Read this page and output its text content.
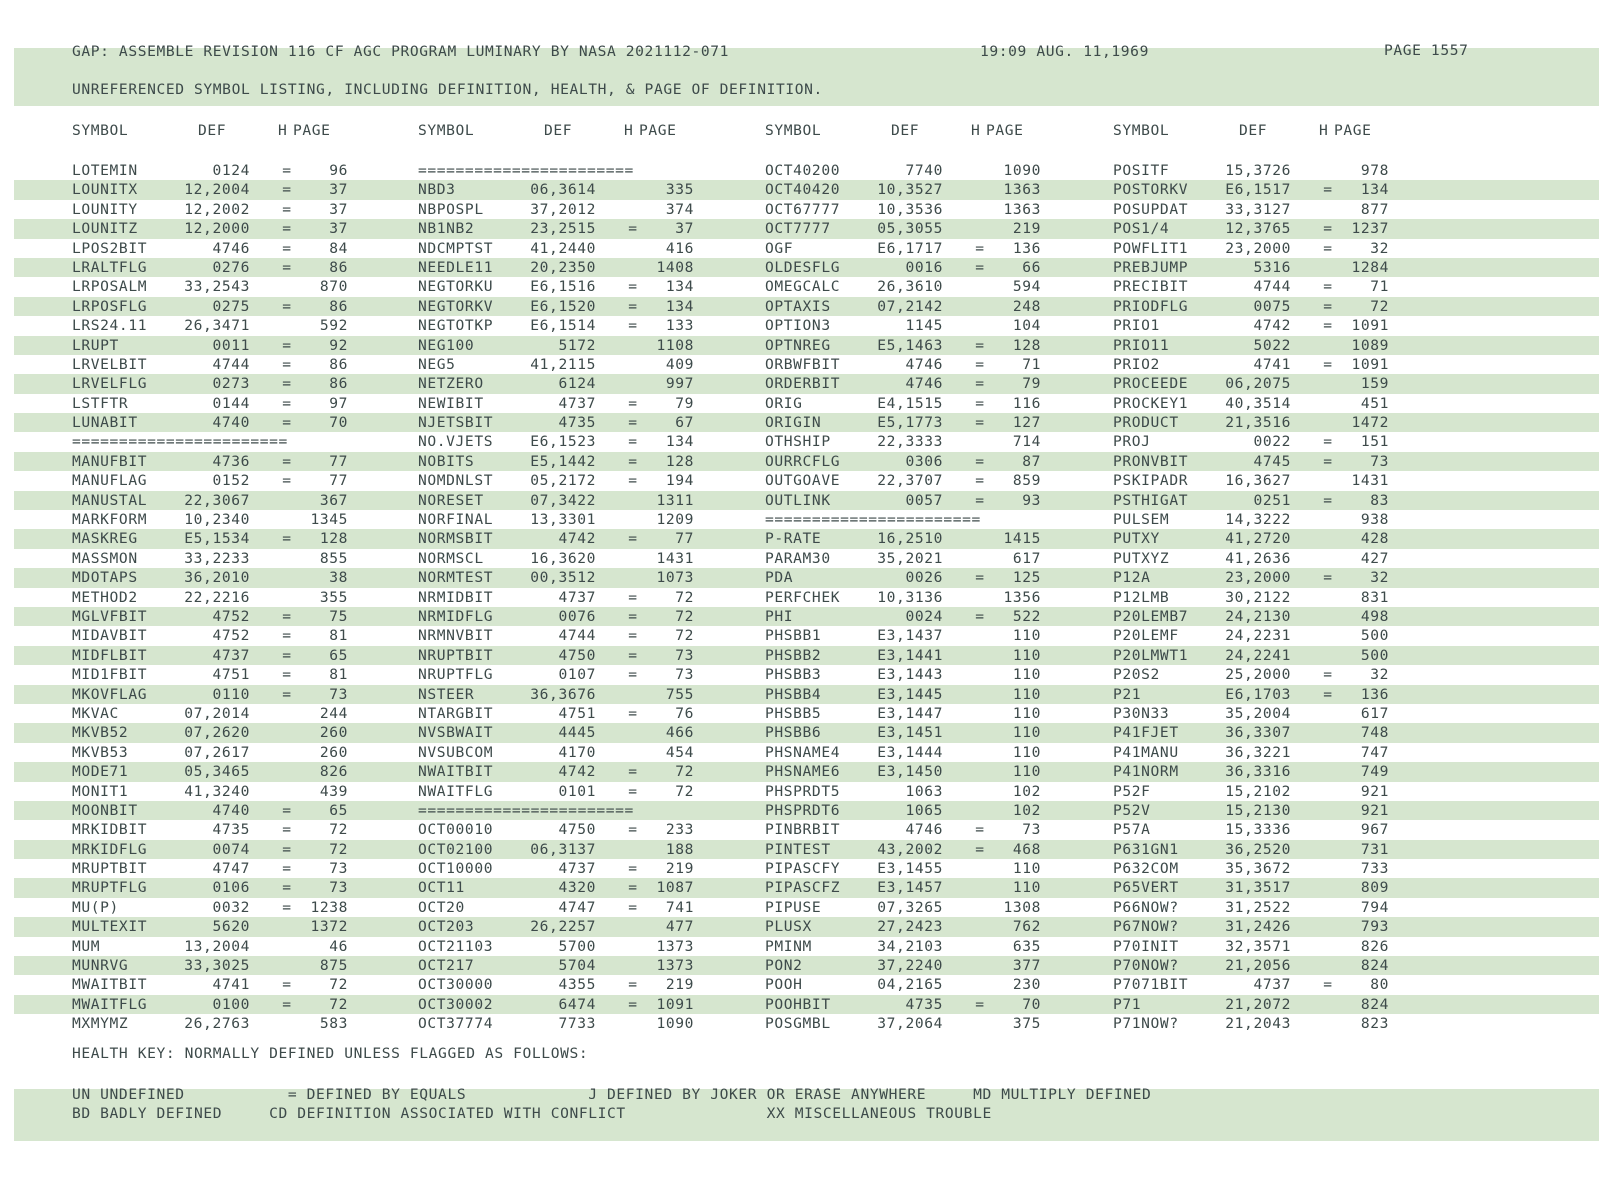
GAP: ASSEMBLE REVISION 116 CF AGC PROGRAM LUMINARY BY NASA 2021112-071	19:09 AUG. 11,1969	PAGE 1557
UNREFERENCED SYMBOL LISTING, INCLUDING DEFINITION, HEALTH, & PAGE OF DEFINITION.
SYMBOL	DEF	H PAGE	SYMBOL	DEF	H PAGE	SYMBOL	DEF	H PAGE	SYMBOL	DEF	H PAGE
LOTEMIN	0124 =	96	=======================	OCT40200	7740	1090	POSITF	15,3726	978
LOUNITX	12,2004 =	37	NBD3	06,3614	335	OCT40420	10,3527	1363	POSTORKV	E6,1517 =	134
LOUNITY	12,2002 =	37	NBPOSPL	37,2012	374	OCT67777	10,3536	1363	POSUPDAT	33,3127	877
LOUNITZ	12,2000 =	37	NB1NB2	23,2515 =	37	OCT7777	05,3055	219	POS1/4	12,3765 =	1237
LPOS2BIT	4746 =	84	NDCMPTST	41,2440	416	OGF	E6,1717 =	136	POWFLIT1	23,2000 =	32
LRALTFLG	0276 =	86	NEEDLE11	20,2350	1408	OLDESFLG	0016 =	66	PREBJUMP	5316	1284
LRPOSALM	33,2543	870	NEGTORKU	E6,1516 =	134	OMEGCALC	26,3610	594	PRECIBIT	4744 =	71
LRPOSFLG	0275 =	86	NEGTORKV	E6,1520 =	134	OPTAXIS	07,2142	248	PRIODFLG	0075 =	72
LRS24.11	26,3471	592	NEGTOTKP	E6,1514 =	133	OPTION3	1145	104	PRIO1	4742 =	1091
LRUPT	0011 =	92	NEG100	5172	1108	OPTNREG	E5,1463 =	128	PRIO11	5022	1089
LRVELBIT	4744 =	86	NEG5	41,2115	409	ORBWFBIT	4746 =	71	PRIO2	4741 =	1091
LRVELFLG	0273 =	86	NETZERO	6124	997	ORDERBIT	4746 =	79	PROCEEDE	06,2075	159
LSTFTR	0144 =	97	NEWIBIT	4737 =	79	ORIG	E4,1515 =	116	PROCKEY1	40,3514	451
LUNABIT	4740 =	70	NJETSBIT	4735 =	67	ORIGIN	E5,1773 =	127	PRODUCT	21,3516	1472
=======================	NO.VJETS	E6,1523 =	134	OTHSHIP	22,3333	714	PROJ	0022 =	151
MANUFBIT	4736 =	77	NOBITS	E5,1442 =	128	OURRCFLG	0306 =	87	PRONVBIT	4745 =	73
MANUFLAG	0152 =	77	NOMDNLST	05,2172 =	194	OUTGOAVE	22,3707 =	859	PSKIPADR	16,3627	1431
MANUSTAL	22,3067	367	NORESET	07,3422	1311	OUTLINK	0057 =	93	PSTHIGAT	0251 =	83
MARKFORM	10,2340	1345	NORFINAL	13,3301	1209	=======================	PULSEM	14,3222	938
MASKREG	E5,1534 =	128	NORMSBIT	4742 =	77	P-RATE	16,2510	1415	PUTXY	41,2720	428
MASSMON	33,2233	855	NORMSCL	16,3620	1431	PARAM30	35,2021	617	PUTXYZ	41,2636	427
MDOTAPS	36,2010	38	NORMTEST	00,3512	1073	PDA	0026 =	125	P12A	23,2000 =	32
METHOD2	22,2216	355	NRMIDBIT	4737 =	72	PERFCHEK	10,3136	1356	P12LMB	30,2122	831
MGLVFBIT	4752 =	75	NRMIDFLG	0076 =	72	PHI	0024 =	522	P20LEMB7	24,2130	498
MIDAVBIT	4752 =	81	NRMNVBIT	4744 =	72	PHSBB1	E3,1437	110	P20LEMF	24,2231	500
MIDFLBIT	4737 =	65	NRUPTBIT	4750 =	73	PHSBB2	E3,1441	110	P20LMWT1	24,2241	500
MID1FBIT	4751 =	81	NRUPTFLG	0107 =	73	PHSBB3	E3,1443	110	P20S2	25,2000 =	32
MKOVFLAG	0110 =	73	NSTEER	36,3676	755	PHSBB4	E3,1445	110	P21	E6,1703 =	136
MKVAC	07,2014	244	NTARGBIT	4751 =	76	PHSBB5	E3,1447	110	P30N33	35,2004	617
MKVB52	07,2620	260	NVSBWAIT	4445	466	PHSBB6	E3,1451	110	P41FJET	36,3307	748
MKVB53	07,2617	260	NVSUBCOM	4170	454	PHSNAME4	E3,1444	110	P41MANU	36,3221	747
MODE71	05,3465	826	NWAITBIT	4742 =	72	PHSNAME6	E3,1450	110	P41NORM	36,3316	749
MONIT1	41,3240	439	NWAITFLG	0101 =	72	PHSPRDT5	1063	102	P52F	15,2102	921
MOONBIT	4740 =	65	=======================	PHSPRDT6	1065	102	P52V	15,2130	921
MRKIDBIT	4735 =	72	OCT00010	4750 =	233	PINBRBIT	4746 =	73	P57A	15,3336	967
MRKIDFLG	0074 =	72	OCT02100	06,3137	188	PINTEST	43,2002 =	468	P631GN1	36,2520	731
MRUPTBIT	4747 =	73	OCT10000	4737 =	219	PIPASCFY	E3,1455	110	P632COM	35,3672	733
MRUPTFLG	0106 =	73	OCT11	4320 =	1087	PIPASCFZ	E3,1457	110	P65VERT	31,3517	809
MU(P)	0032 =	1238	OCT20	4747 =	741	PIPUSE	07,3265	1308	P66NOW?	31,2522	794
MULTEXIT	5620	1372	OCT203	26,2257	477	PLUSX	27,2423	762	P67NOW?	31,2426	793
MUM	13,2004	46	OCT21103	5700	1373	PMINM	34,2103	635	P70INIT	32,3571	826
MUNRVG	33,3025	875	OCT217	5704	1373	PON2	37,2240	377	P70NOW?	21,2056	824
MWAITBIT	4741 =	72	OCT30000	4355 =	219	POOH	04,2165	230	P7071BIT	4737 =	80
MWAITFLG	0100 =	72	OCT30002	6474 =	1091	POOHBIT	4735 =	70	P71	21,2072	824
MXMYMZ	26,2763	583	OCT37774	7733	1090	POSGMBL	37,2064	375	P71NOW?	21,2043	823
HEALTH KEY: NORMALLY DEFINED UNLESS FLAGGED AS FOLLOWS:
UN UNDEFINED           = DEFINED BY EQUALS             J DEFINED BY JOKER OR ERASE ANYWHERE     MD MULTIPLY DEFINED
BD BADLY DEFINED     CD DEFINITION ASSOCIATED WITH CONFLICT               XX MISCELLANEOUS TROUBLE
